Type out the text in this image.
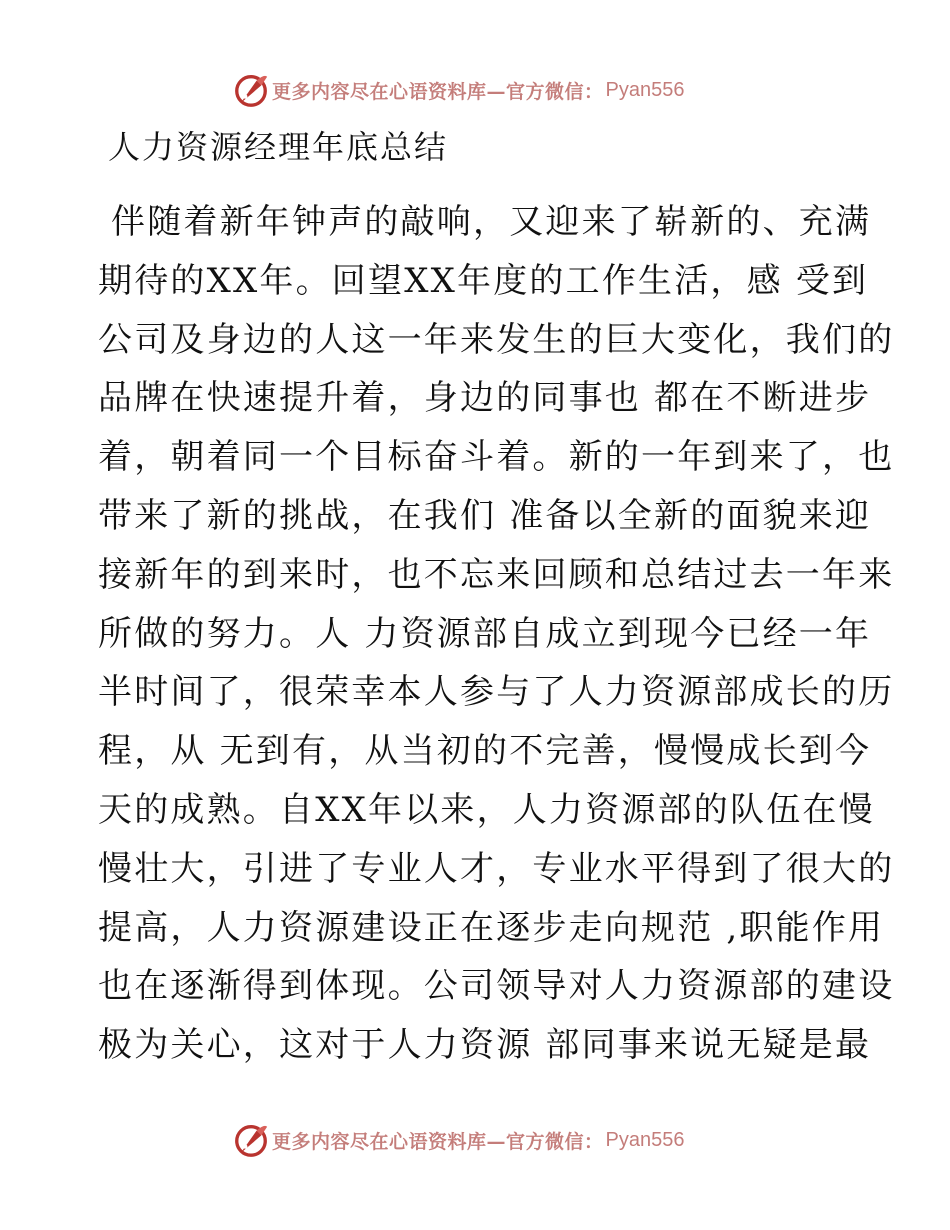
更多内容尽在心语资料库—官方微信： Pyan556
人力资源经理年底总结
伴随着新年钟声的敲响，又迎来了崭新的、充满
期待的XX年。回望XX年度的工作生活，感 受到
公司及身边的人这一年来发生的巨大变化，我们的
品牌在快速提升着，身边的同事也 都在不断进步
着，朝着同一个目标奋斗着。新的一年到来了，也
带来了新的挑战，在我们 准备以全新的面貌来迎
接新年的到来时，也不忘来回顾和总结过去一年来
所做的努力。人 力资源部自成立到现今已经一年
半时间了，很荣幸本人参与了人力资源部成长的历
程，从 无到有，从当初的不完善，慢慢成长到今
天的成熟。自XX年以来，人力资源部的队伍在慢
慢壮大，引进了专业人才，专业水平得到了很大的
提高，人力资源建设正在逐步走向规范 ,职能作用
也在逐渐得到体现。公司领导对人力资源部的建设
极为关心，这对于人力资源 部同事来说无疑是最
更多内容尽在心语资料库—官方微信： Pyan556
